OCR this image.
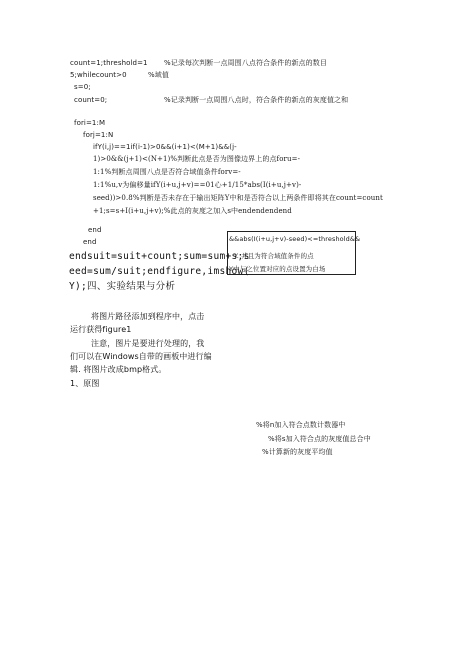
count=1;threshold=1 %记录每次判断一点周围八点符合条件的新点的数目
5;whilecount>0	%域值
s=0;
count=0;	%记录判断一点周围八点时，符合条件的新点的灰度值之和
fori=1:M
forj=1:N
ifY(i,j)==1if(i-1)>0&&(i+1)<(M+1)&&(j-
1)>0&&(j+1)<(N+1)%判断此点是否为图像边界上的点foru=-
1:1%判断点周围八点是否符合域值条件forv=-
1:1%u,v为偏移量ifY(i+u,j+v)==01心+1/15*abs(I(i+u,j+v)-
seed))>0.8%判断是否未存在于输出矩阵Y中和是否符合以上两条件即将其在count=count
+1;s=s+I(i+u,j+v);%此点的灰度之加入s中endendendend
end
end	&&abs(I(i+u,j+v)-seed)<=threshold&&
Y. 并且为符合域值条件的点
Y中与之位置对应的点设置为白场
endsuit=suit+count;sum=sum+s;s
eed=sum/suit;endfigure,imshow(
Y);四、实验结果与分析
将图片路径添加到程序中，点击
运行获得figure1
注意，图片是要进行处理的，我
们可以在Windows自带的画板中进行编
辑. 将图片改成bmp格式。
1、原图
%将n加入符合点数计数器中
%将s加入符合点的灰度值总合中
%计算新的灰度平均值
